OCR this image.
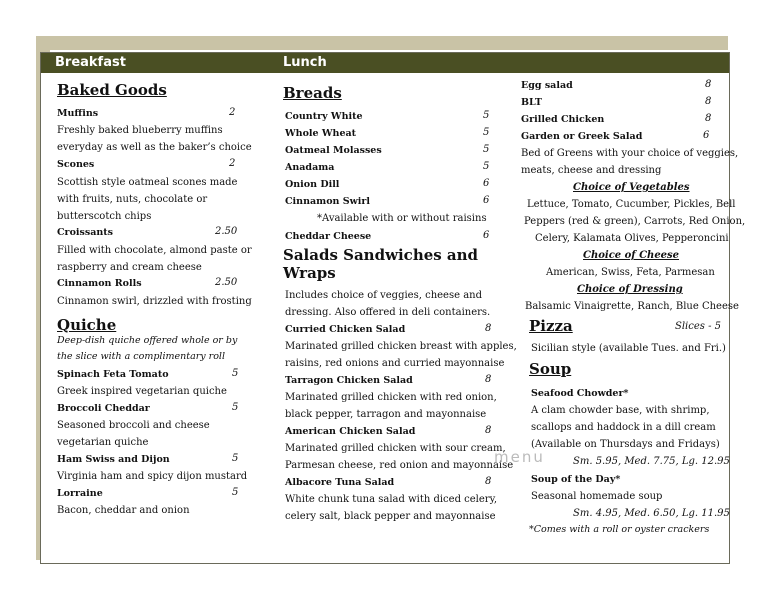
Breakfast	Lunch
Baked Goods
Muffins	2
Freshly baked blueberry muffins
everyday as well as the baker’s choice
Scones	2
Scottish style oatmeal scones made
with fruits, nuts, chocolate or
butterscotch chips
Croissants	2.50
Filled with chocolate, almond paste or
raspberry and cream cheese
Cinnamon Rolls	2.50
Cinnamon swirl, drizzled with frosting
Quiche
Deep-dish quiche offered whole or by
the slice with a complimentary roll
Spinach Feta Tomato	5
Greek inspired vegetarian quiche
Broccoli Cheddar	5
Seasoned broccoli and cheese
vegetarian quiche
Ham Swiss and Dijon	5
Virginia ham and spicy dijon mustard
Lorraine	5
Bacon, cheddar and onion
Breads
Country White	5
Whole Wheat	5
Oatmeal Molasses	5
Anadama	5
Onion Dill	6
Cinnamon Swirl	6
*Available with or without raisins
Cheddar Cheese	6
Salads Sandwiches and
Wraps
Includes choice of veggies, cheese and
dressing. Also offered in deli containers.
Curried Chicken Salad	8
Marinated grilled chicken breast with apples,
raisins, red onions and curried mayonnaise
Tarragon Chicken Salad	8
Marinated grilled chicken with red onion,
black pepper, tarragon and mayonnaise
American Chicken Salad	8
Marinated grilled chicken with sour cream,
Parmesan cheese, red onion and mayonnaise
Albacore Tuna Salad	8
White chunk tuna salad with diced celery,
celery salt, black pepper and mayonnaise
Egg salad	8
BLT	8
Grilled Chicken	8
Garden or Greek Salad	6
Bed of Greens with your choice of veggies,
meats, cheese and dressing
Choice of Vegetables
Lettuce, Tomato, Cucumber, Pickles, Bell
Peppers (red & green), Carrots, Red Onion,
Celery, Kalamata Olives, Pepperoncini
Choice of Cheese
American, Swiss, Feta, Parmesan
Choice of Dressing
Balsamic Vinaigrette, Ranch, Blue Cheese
Pizza	Slices - 5
Sicilian style (available Tues. and Fri.)
Soup
Seafood Chowder*
A clam chowder base, with shrimp,
scallops and haddock in a dill cream
(Available on Thursdays and Fridays)
Sm. 5.95, Med. 7.75, Lg. 12.95
Soup of the Day*
Seasonal homemade soup
Sm. 4.95, Med. 6.50, Lg. 11.95
*Comes with a roll or oyster crackers
menu
